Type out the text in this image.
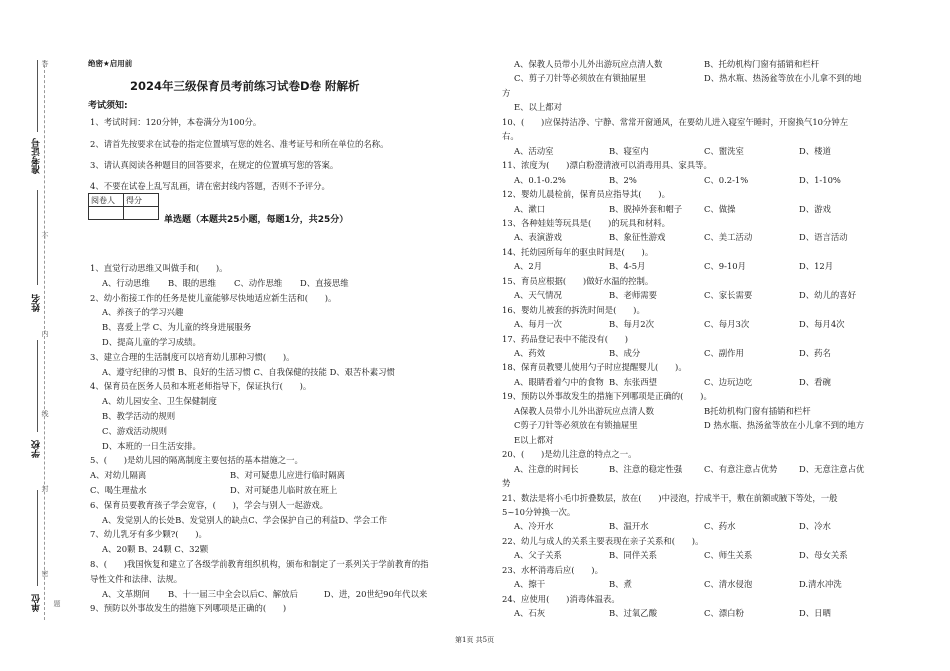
准考证号
姓名
学校
单位
答
不
内
线
封
密
题
绝密★启用前
2024年三级保育员考前练习试卷D卷 附解析
考试须知:
1、考试时间：120分钟，本卷满分为100分。
2、请首先按要求在试卷的指定位置填写您的姓名、准考证号和所在单位的名称。
3、请认真阅读各种题目的回答要求，在规定的位置填写您的答案。
4、不要在试卷上乱写乱画，请在密封线内答题，否则不予评分。
阅卷人	得分

单选题（本题共25小题，每题1分，共25分）
1、直觉行动思维又叫做手和(　　)。
A、行动思维 B、眼的思维 C、动作思维 D、直接思维
2、幼小衔接工作的任务是使儿童能够尽快地适应新生活和(　　)。
A、养孩子的学习兴趣
B、喜爱上学 C、为儿童的终身进展服务
D、提高儿童的学习成绩。
3、建立合理的生活制度可以培育幼儿那种习惯(　　)。
A、遵守纪律的习惯 B、良好的生活习惯 C、自我保健的技能 D、艰苦朴素习惯
4、保育员在医务人员和本班老师指导下，保证执行(　　)。
A、幼儿园安全、卫生保健制度
B、教学活动的规则
C、游戏活动规则
D、本班的一日生活安排。
5、(　　)是幼儿园的隔离制度主要包括的基本措施之一。
A、对幼儿隔离	B、对可疑患儿应进行临时隔离
C、喝生理盐水	D、对可疑患儿临时放在班上
6、保育员要教育孩子学会宽容，(　　)，学会与别人一起游戏。
A、发觉别人的长处B、发觉别人的缺点C、学会保护自己的利益D、学会工作
7、幼儿乳牙有多少颗?(　　)。
A、20颗 B、24颗 C、32颗
8、(　　)我国恢复和建立了各级学前教育组织机构，颁布和制定了一系列关于学前教育的指
导性文件和法律、法规。
A、文革期间 B、十一届三中全会以后C、解放后	D、进，20世纪90年代以来
9、预防以外事故发生的措施下列哪项是正确的(　　)
A、保教人员带小儿外出游玩应点清人数	B、托幼机构门窗有插销和栏杆
C、剪子刀针等必须放在有锁抽屉里	D、热水瓶、热汤盆等放在小儿拿不到的地
方
E、以上都对
10、(　　)应保持洁净、宁静、常常开窗通风，在要幼儿进入寝室午睡时，开窗换气10分钟左
右。
A、活动室	B、寝室内	C、盥洗室	D、楼道
11、浓度为(　　)漂白粉澄清液可以消毒用具、家具等。
A、0.1-0.2%	B、2%	C、0.2-1%	D、1-10%
12、婴幼儿晨检前，保育员应指导其(　　)。
A、漱口	B、脱掉外套和帽子	C、做操	D、游戏
13、各种娃娃等玩具是(　　)的玩具和材料。
A、表演游戏	B、象征性游戏	C、美工活动	D、语言活动
14、托幼园所每年的驱虫时间是(　　)。
A、2月	B、4-5月	C、9-10月	D、12月
15、育员应根据(　　)做好水温的控制。
A、天气情况	B、老师需要	C、家长需要	D、幼儿的喜好
16、婴幼儿被套的拆洗时间是(　　)。
A、每月一次	B、每月2次	C、每月3次	D、每月4次
17、药品登记表中不能没有(　　)
A、药效	B、成分	C、副作用	D、药名
18、保育员教婴儿使用勺子时应提醒婴儿(　　)。
A、眼睛看着勺中的食物 B、东张西望	C、边玩边吃	D、看碗
19、预防以外事故发生的措施下列哪项是正确的(　　)。
A保教人员带小儿外出游玩应点清人数	B托幼机构门窗有插销和栏杆
C剪子刀针等必须放在有锁抽屉里	D 热水瓶、热汤盆等放在小儿拿不到的地方
E以上都对
20、(　　)是幼儿注意的特点之一。
A、注意的时间长	B、注意的稳定性强	C、有意注意占优势	D、无意注意占优
势
21、数法是将小毛巾折叠数层，放在(　　)中浸泡，拧成半干，敷在前额或腋下等处，一般
5~10分钟换一次。
A、冷开水	B、温开水	C、药水	D、冷水
22、幼儿与成人的关系主要表现在亲子关系和(　　)。
A、父子关系	B、同伴关系	C、师生关系	D、母女关系
23、水杯消毒后应(　　)。
A、擦干	B、煮	C、清水侵泡	D.清水冲洗
24、应使用(　　)消毒体温表。
A、石灰	B、过氧乙酸	C、漂白粉	D、日晒
第1页 共5页
